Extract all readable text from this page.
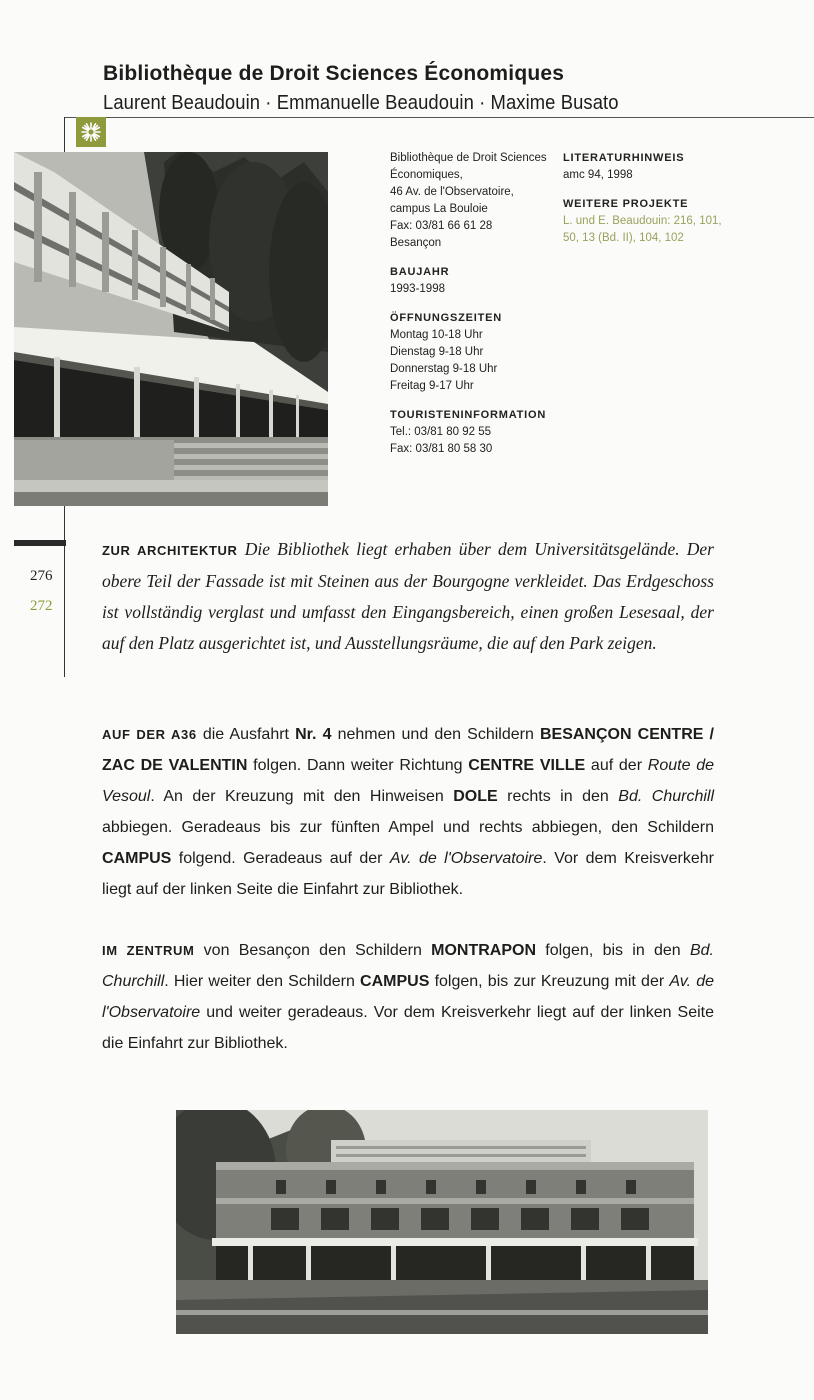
Bibliothèque de Droit Sciences Économiques
Laurent Beaudouin · Emmanuelle Beaudouin · Maxime Busato
276
272
Bibliothèque de Droit Sciences
Économiques,
46 Av. de l'Observatoire,
campus La Bouloie
Fax: 03/81 66 61 28
Besançon
BAUJAHR
1993-1998
ÖFFNUNGSZEITEN
Montag 10-18 Uhr
Dienstag 9-18 Uhr
Donnerstag 9-18 Uhr
Freitag 9-17 Uhr
TOURISTENINFORMATION
Tel.: 03/81 80 92 55
Fax: 03/81 80 58 30
LITERATURHINWEIS
amc 94, 1998
WEITERE PROJEKTE
L. und E. Beaudouin: 216, 101,
50, 13 (Bd. II), 104, 102
ZUR ARCHITEKTUR Die Bibliothek liegt erhaben über dem Universitätsgelände. Der obere Teil der Fassade ist mit Steinen aus der Bourgogne verkleidet. Das Erdgeschoss ist vollständig verglast und umfasst den Eingangsbereich, einen großen Lesesaal, der auf den Platz ausgerichtet ist, und Ausstellungsräume, die auf den Park zeigen.
AUF DER A36 die Ausfahrt Nr. 4 nehmen und den Schildern BESANÇON CENTRE / ZAC DE VALENTIN folgen. Dann weiter Richtung CENTRE VILLE auf der Route de Vesoul. An der Kreuzung mit den Hinweisen DOLE rechts in den Bd. Churchill abbiegen. Geradeaus bis zur fünften Ampel und rechts abbiegen, den Schildern CAMPUS folgend. Geradeaus auf der Av. de l'Observatoire. Vor dem Kreisverkehr liegt auf der linken Seite die Einfahrt zur Bibliothek.
IM ZENTRUM von Besançon den Schildern MONTRAPON folgen, bis in den Bd. Churchill. Hier weiter den Schildern CAMPUS folgen, bis zur Kreuzung mit der Av. de l'Observatoire und weiter geradeaus. Vor dem Kreisverkehr liegt auf der linken Seite die Einfahrt zur Bibliothek.
